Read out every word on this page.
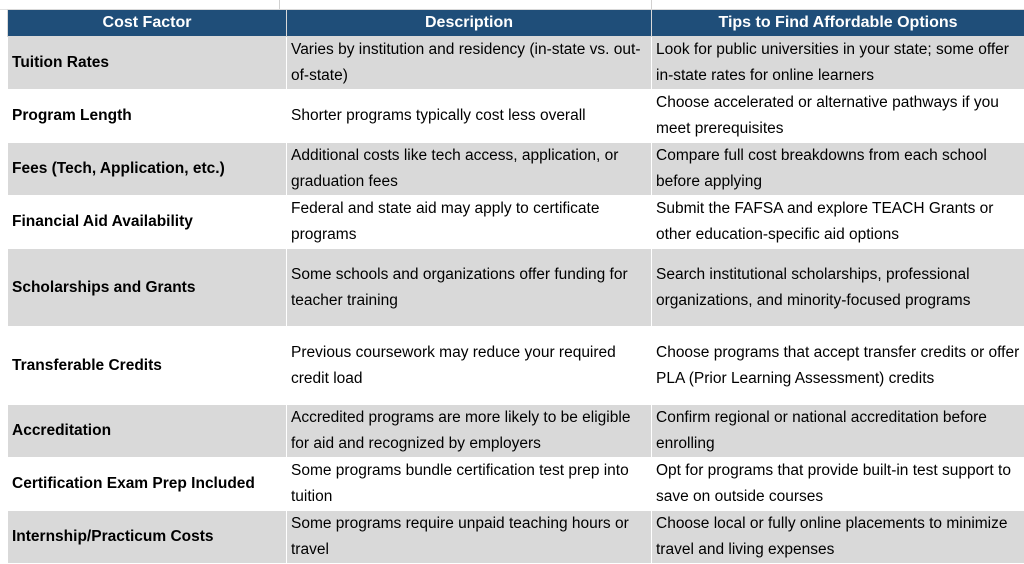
Cost Factor	Description	Tips to Find Affordable Options
Tuition Rates	Varies by institution and residency (in-state vs. out-of-state)	Look for public universities in your state; some offer in-state rates for online learners
Program Length	Shorter programs typically cost less overall	Choose accelerated or alternative pathways if you meet prerequisites
Fees (Tech, Application, etc.)	Additional costs like tech access, application, or graduation fees	Compare full cost breakdowns from each school before applying
Financial Aid Availability	Federal and state aid may apply to certificate programs	Submit the FAFSA and explore TEACH Grants or other education-specific aid options
Scholarships and Grants	Some schools and organizations offer funding for teacher training	Search institutional scholarships, professional organizations, and minority-focused programs
Transferable Credits	Previous coursework may reduce your required credit load	Choose programs that accept transfer credits or offer PLA (Prior Learning Assessment) credits
Accreditation	Accredited programs are more likely to be eligible for aid and recognized by employers	Confirm regional or national accreditation before enrolling
Certification Exam Prep Included	Some programs bundle certification test prep into tuition	Opt for programs that provide built-in test support to save on outside courses
Internship/Practicum Costs	Some programs require unpaid teaching hours or travel	Choose local or fully online placements to minimize travel and living expenses
